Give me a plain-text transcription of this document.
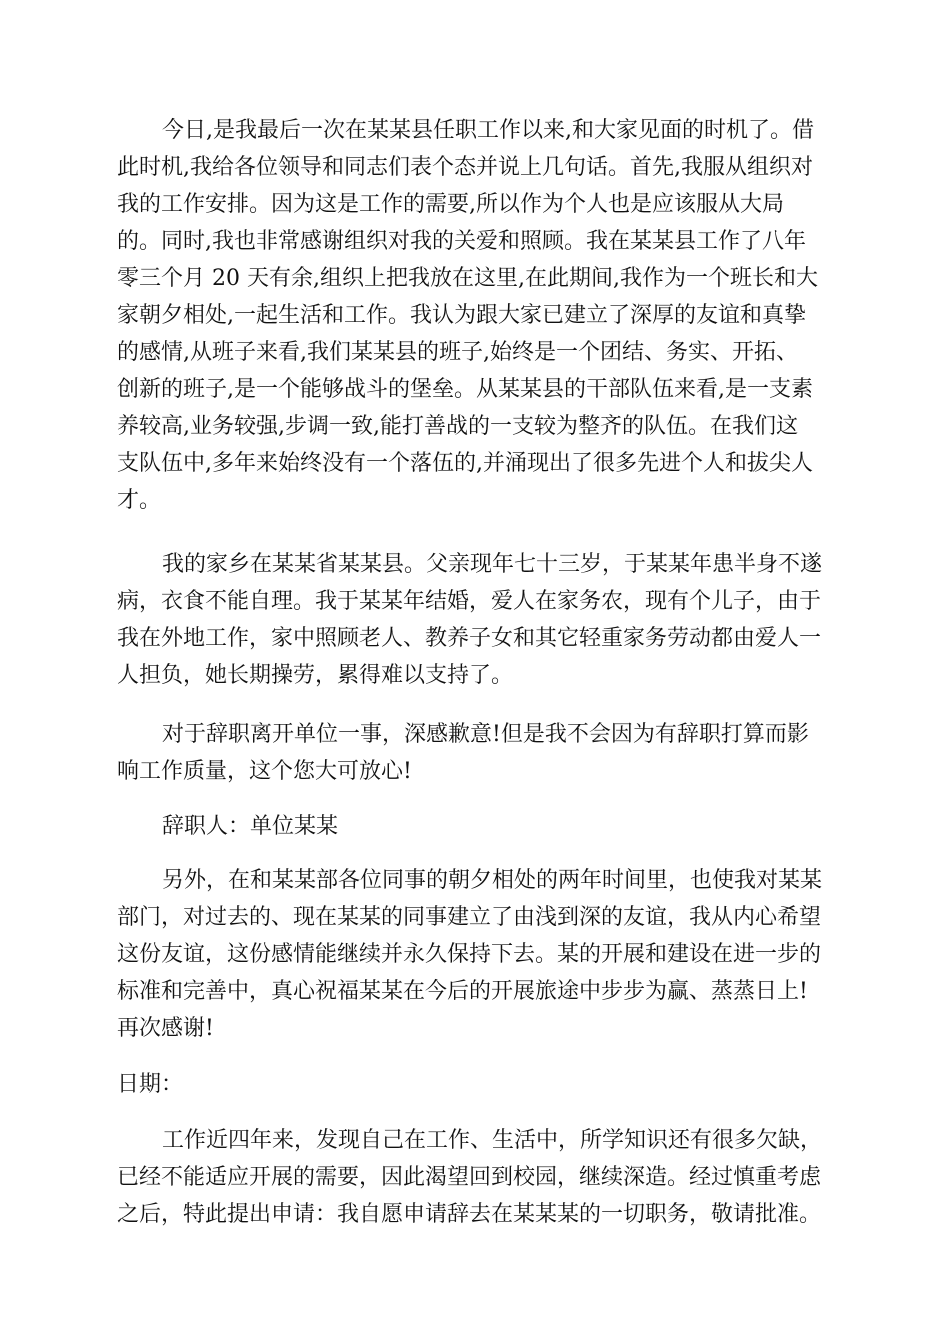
今日,是我最后一次在某某县任职工作以来,和大家见面的时机了。借
此时机,我给各位领导和同志们表个态并说上几句话。首先,我服从组织对
我的工作安排。因为这是工作的需要,所以作为个人也是应该服从大局
的。同时,我也非常感谢组织对我的关爱和照顾。我在某某县工作了八年
零三个月 20 天有余,组织上把我放在这里,在此期间,我作为一个班长和大
家朝夕相处,一起生活和工作。我认为跟大家已建立了深厚的友谊和真挚
的感情,从班子来看,我们某某县的班子,始终是一个团结、务实、开拓、
创新的班子,是一个能够战斗的堡垒。从某某县的干部队伍来看,是一支素
养较高,业务较强,步调一致,能打善战的一支较为整齐的队伍。在我们这
支队伍中,多年来始终没有一个落伍的,并涌现出了很多先进个人和拔尖人
才。

我的家乡在某某省某某县。父亲现年七十三岁，于某某年患半身不遂
病，衣食不能自理。我于某某年结婚，爱人在家务农，现有个儿子，由于
我在外地工作，家中照顾老人、教养子女和其它轻重家务劳动都由爱人一
人担负，她长期操劳，累得难以支持了。

对于辞职离开单位一事，深感歉意!但是我不会因为有辞职打算而影
响工作质量，这个您大可放心!

辞职人：单位某某

另外，在和某某部各位同事的朝夕相处的两年时间里，也使我对某某
部门，对过去的、现在某某的同事建立了由浅到深的友谊，我从内心希望
这份友谊，这份感情能继续并永久保持下去。某的开展和建设在进一步的
标准和完善中，真心祝福某某在今后的开展旅途中步步为赢、蒸蒸日上!
再次感谢!

日期：

工作近四年来，发现自己在工作、生活中，所学知识还有很多欠缺，
已经不能适应开展的需要，因此渴望回到校园，继续深造。经过慎重考虑
之后，特此提出申请：我自愿申请辞去在某某某的一切职务，敬请批准。
